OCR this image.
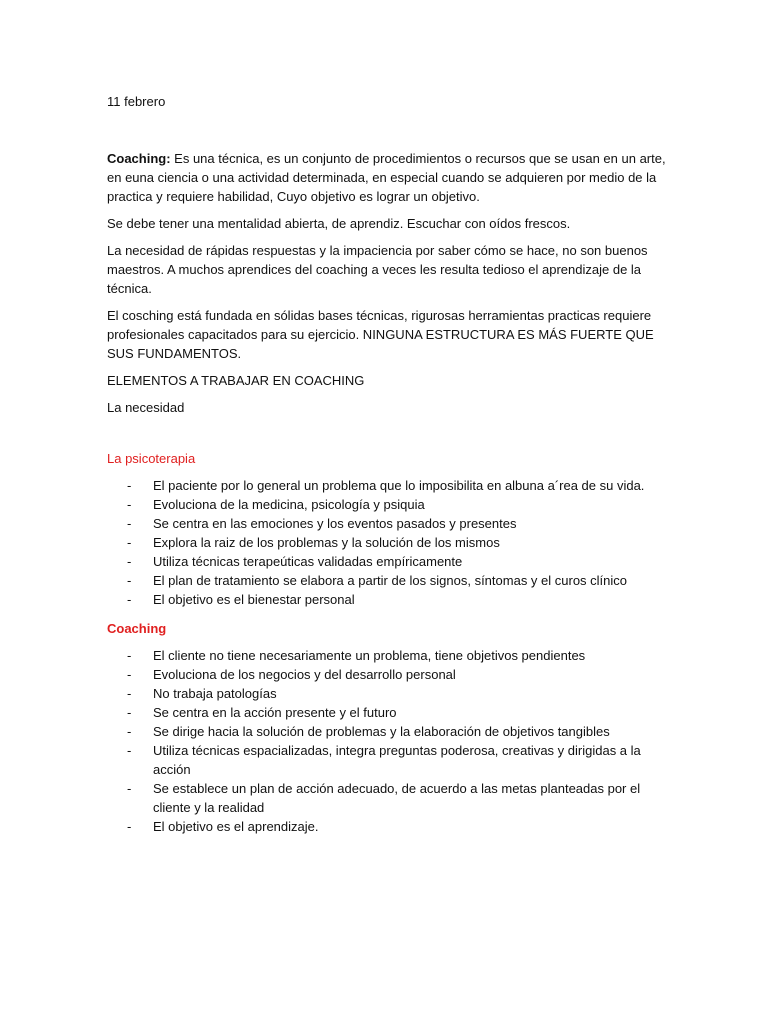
11 febrero

Coaching: Es una técnica, es un conjunto de procedimientos o recursos que se usan en un arte, en euna ciencia o una actividad determinada, en especial cuando se adquieren por medio de la practica y requiere habilidad, Cuyo objetivo es lograr un objetivo.

Se debe tener una mentalidad abierta, de aprendiz. Escuchar con oídos frescos.

La necesidad de rápidas respuestas y la impaciencia por saber cómo se hace, no son buenos maestros. A muchos aprendices del coaching a veces les resulta tedioso el aprendizaje de la técnica.

El cosching está fundada en sólidas bases técnicas, rigurosas herramientas practicas requiere profesionales capacitados para su ejercicio. NINGUNA ESTRUCTURA ES MÁS FUERTE QUE SUS FUNDAMENTOS.

ELEMENTOS A TRABAJAR EN COACHING

La necesidad

La psicoterapia
- El paciente por lo general un problema que lo imposibilita en albuna a´rea de su vida.
- Evoluciona de la medicina, psicología y psiquia
- Se centra en las emociones y los eventos pasados y presentes
- Explora la raiz de los problemas y la solución de los mismos
- Utiliza técnicas terapeúticas validadas empíricamente
- El plan de tratamiento se elabora a partir de los signos, síntomas y el curos clínico
- El objetivo es el bienestar personal
Coaching
- El cliente no tiene necesariamente un problema, tiene objetivos pendientes
- Evoluciona de los negocios y del desarrollo personal
- No trabaja patologías
- Se centra en la acción presente y el futuro
- Se dirige hacia la solución de problemas y la elaboración de objetivos tangibles
- Utiliza técnicas espacializadas, integra preguntas poderosa, creativas y dirigidas a la acción
- Se establece un plan de acción adecuado, de acuerdo a las metas planteadas por el cliente y la realidad
- El objetivo es el aprendizaje.
